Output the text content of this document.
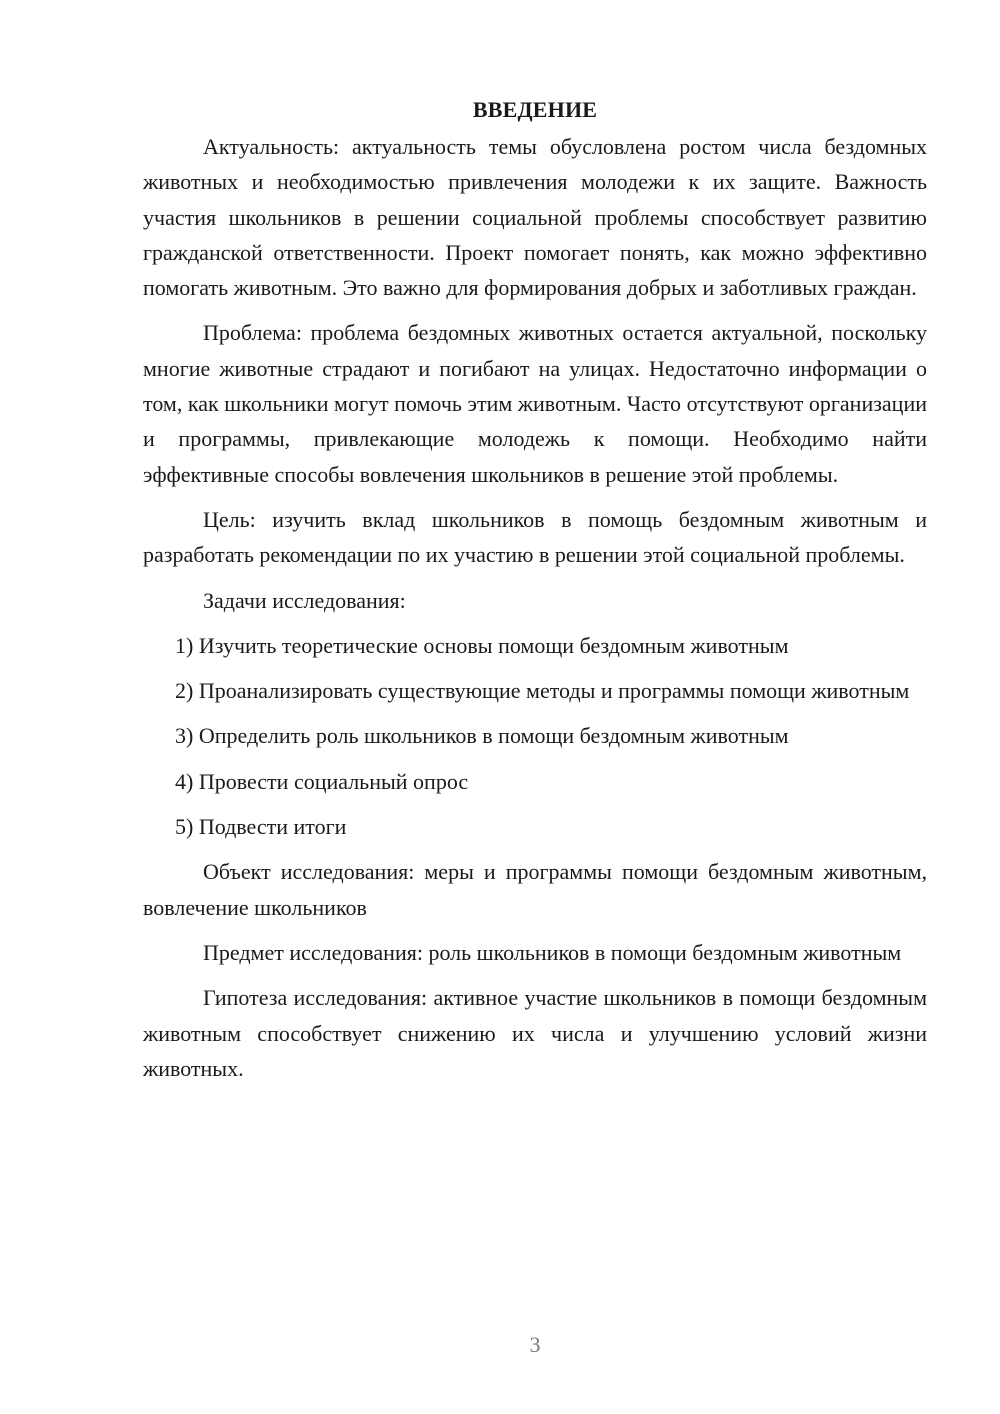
ВВЕДЕНИЕ

Актуальность: актуальность темы обусловлена ростом числа бездомных животных и необходимостью привлечения молодежи к их защите. Важность участия школьников в решении социальной проблемы способствует развитию гражданской ответственности. Проект помогает понять, как можно эффективно помогать животным. Это важно для формирования добрых и заботливых граждан.

Проблема: проблема бездомных животных остается актуальной, поскольку многие животные страдают и погибают на улицах. Недостаточно информации о том, как школьники могут помочь этим животным. Часто отсутствуют организации и программы, привлекающие молодежь к помощи. Необходимо найти эффективные способы вовлечения школьников в решение этой проблемы.

Цель: изучить вклад школьников в помощь бездомным животным и разработать рекомендации по их участию в решении этой социальной проблемы.

Задачи исследования:

1) Изучить теоретические основы помощи бездомным животным

2) Проанализировать существующие методы и программы помощи животным

3) Определить роль школьников в помощи бездомным животным

4) Провести социальный опрос

5) Подвести итоги

Объект исследования: меры и программы помощи бездомным животным, вовлечение школьников

Предмет исследования: роль школьников в помощи бездомным животным

Гипотеза исследования: активное участие школьников в помощи бездомным животным способствует снижению их числа и улучшению условий жизни животных.

3
